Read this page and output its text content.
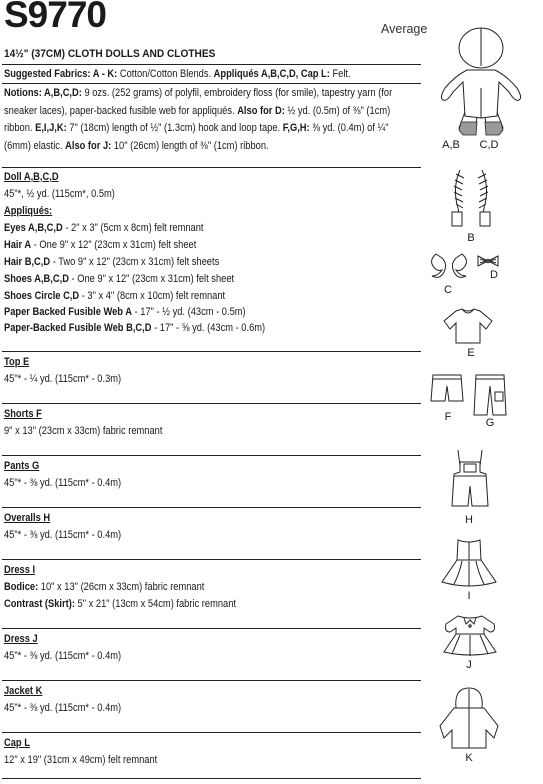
S9770	Average
14½" (37CM) CLOTH DOLLS AND CLOTHES
Suggested Fabrics: A - K: Cotton/Cotton Blends. Appliqués A,B,C,D, Cap L: Felt.
Notions: A,B,C,D: 9 ozs. (252 grams) of polyfil, embroidery floss (for smile), tapestry yarn (for sneaker laces), paper-backed fusible web for appliqués. Also for D: ½ yd. (0.5m) of ⅜" (1cm) ribbon. E,I,J,K: 7" (18cm) length of ½" (1.3cm) hook and loop tape. F,G,H: ⅜ yd. (0.4m) of ¼" (6mm) elastic. Also for J: 10" (26cm) length of ⅜" (1cm) ribbon.
Doll A,B,C,D
45"*, ½ yd. (115cm*, 0.5m)
Appliqués:
Eyes A,B,C,D - 2" x 3" (5cm x 8cm) felt remnant
Hair A - One 9" x 12" (23cm x 31cm) felt sheet
Hair B,C,D - Two 9" x 12" (23cm x 31cm) felt sheets
Shoes A,B,C,D - One 9" x 12" (23cm x 31cm) felt sheet
Shoes Circle C,D - 3" x 4" (8cm x 10cm) felt remnant
Paper Backed Fusible Web A - 17" - ½ yd. (43cm - 0.5m)
Paper-Backed Fusible Web B,C,D - 17" - ⅝ yd. (43cm - 0.6m)
Top E
45"* - ¼ yd. (115cm* - 0.3m)
Shorts F
9" x 13" (23cm x 33cm) fabric remnant
Pants G
45"* - ⅜ yd. (115cm* - 0.4m)
Overalls H
45"* - ⅜ yd. (115cm* - 0.4m)
Dress I
Bodice: 10" x 13" (26cm x 33cm) fabric remnant
Contrast (Skirt): 5" x 21" (13cm x 54cm) fabric remnant
Dress J
45"* - ⅜ yd. (115cm* - 0.4m)
Jacket K
45"* - ⅜ yd. (115cm* - 0.4m)
Cap L
12" x 19" (31cm x 49cm) felt remnant
A,B	C,D
B
C
D
E
F	G
H
I
J
K
